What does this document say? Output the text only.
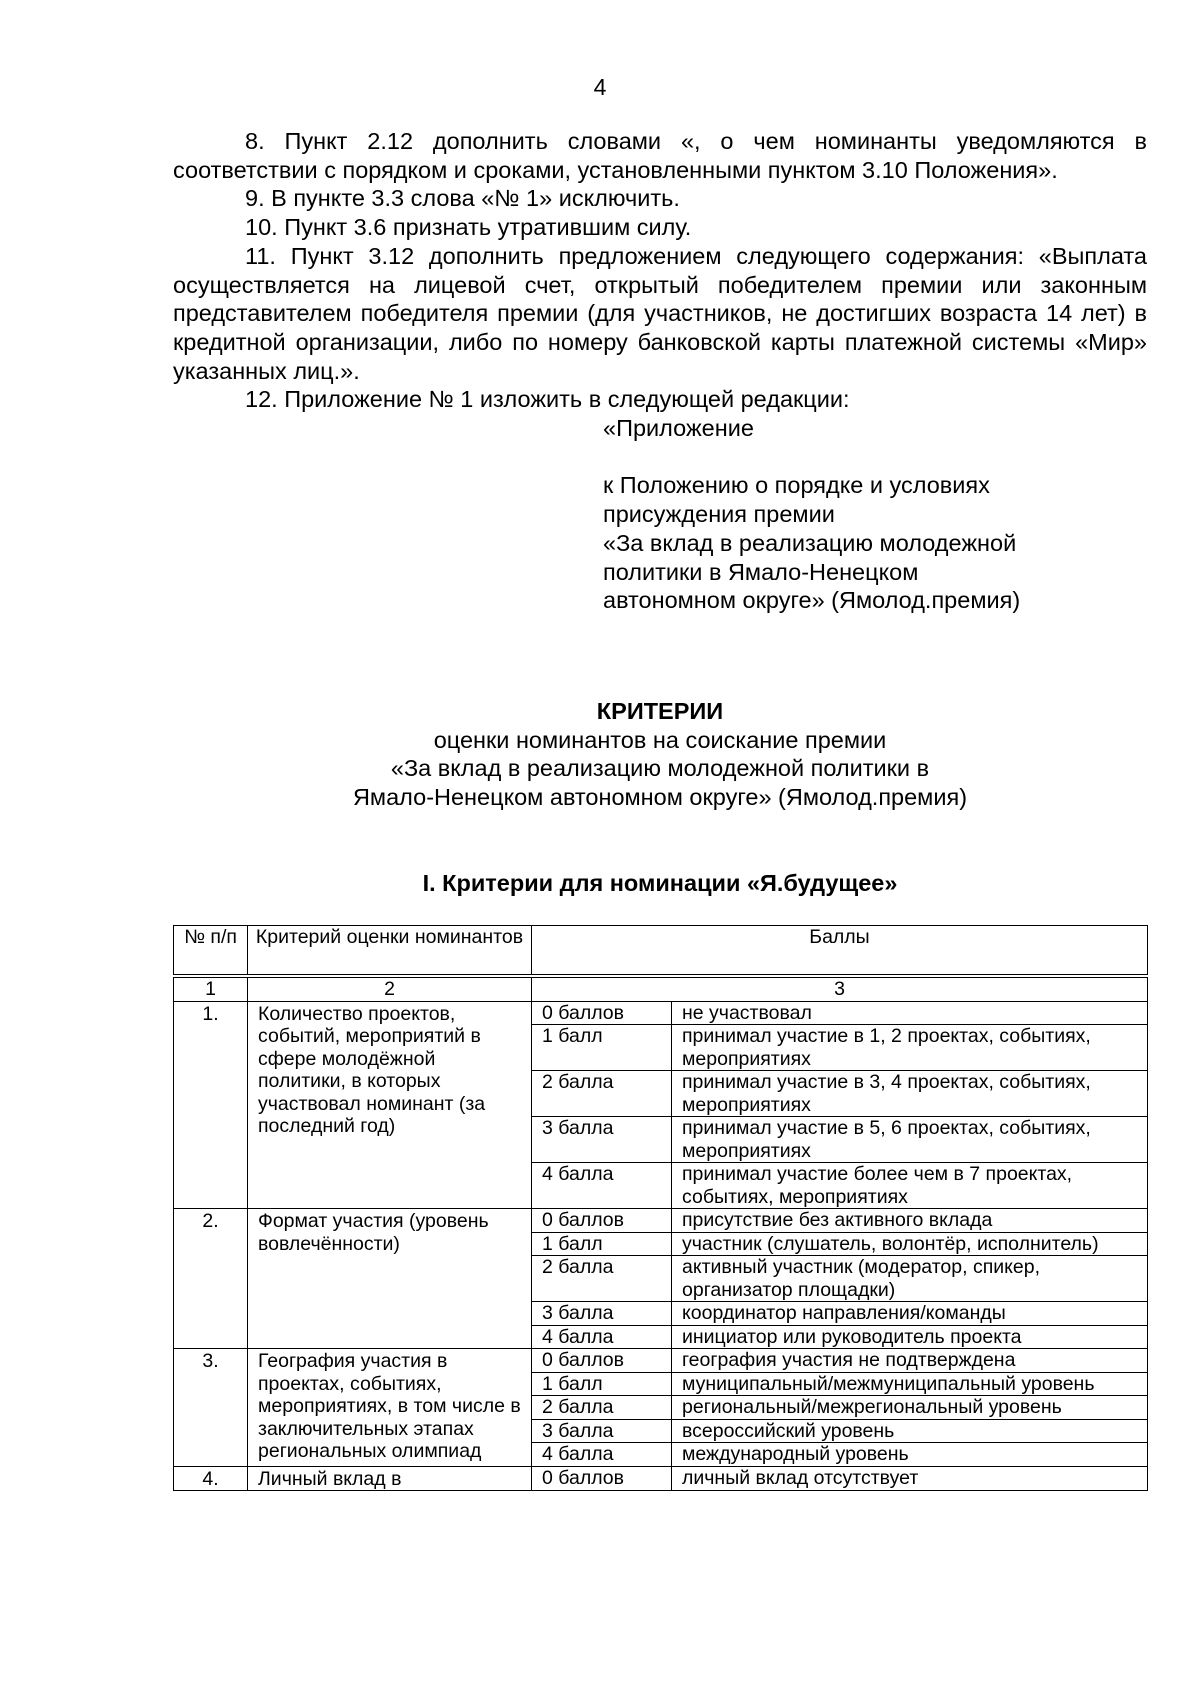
4

8. Пункт 2.12 дополнить словами «, о чем номинанты уведомляются в соответствии с порядком и сроками, установленными пунктом 3.10 Положения».

9. В пункте 3.3 слова «№ 1» исключить.

10. Пункт 3.6 признать утратившим силу.

11. Пункт 3.12 дополнить предложением следующего содержания: «Выплата осуществляется на лицевой счет, открытый победителем премии или законным представителем победителя премии (для участников, не достигших возраста 14 лет) в кредитной организации, либо по номеру банковской карты платежной системы «Мир» указанных лиц.».

12. Приложение № 1 изложить в следующей редакции:

«Приложение

к Положению о порядке и условиях

присуждения премии

«За вклад в реализацию молодежной

политики в Ямало-Ненецком

автономном округе» (Ямолод.премия)

КРИТЕРИИ
оценки номинантов на соискание премии
«За вклад в реализацию молодежной политики в
Ямало-Ненецком автономном округе» (Ямолод.премия)
I. Критерии для номинации «Я.будущее»
№ п/п	Критерий оценки номинантов	Баллы
1	2	3	
1.	Количество проектов, событий, мероприятий в сфере молодёжной политики, в которых участвовал номинант (за последний год)	0 баллов	не участвовал
		1 балл	принимал участие в 1, 2 проектах, событиях, мероприятиях
		2 балла	принимал участие в 3, 4 проектах, событиях, мероприятиях
		3 балла	принимал участие в 5, 6 проектах, событиях, мероприятиях
		4 балла	принимал участие более чем в 7 проектах, событиях, мероприятиях
2.	Формат участия (уровень вовлечённости)	0 баллов	присутствие без активного вклада
		1 балл	участник (слушатель, волонтёр, исполнитель)
		2 балла	активный участник (модератор, спикер, организатор площадки)
		3 балла	координатор направления/команды
		4 балла	инициатор или руководитель проекта
3.	География участия в проектах, событиях, мероприятиях, в том числе в заключительных этапах региональных олимпиад	0 баллов	география участия не подтверждена
		1 балл	муниципальный/межмуниципальный уровень
		2 балла	региональный/межрегиональный уровень
		3 балла	всероссийский уровень
		4 балла	международный уровень
4.	Личный вклад в	0 баллов	личный вклад отсутствует
